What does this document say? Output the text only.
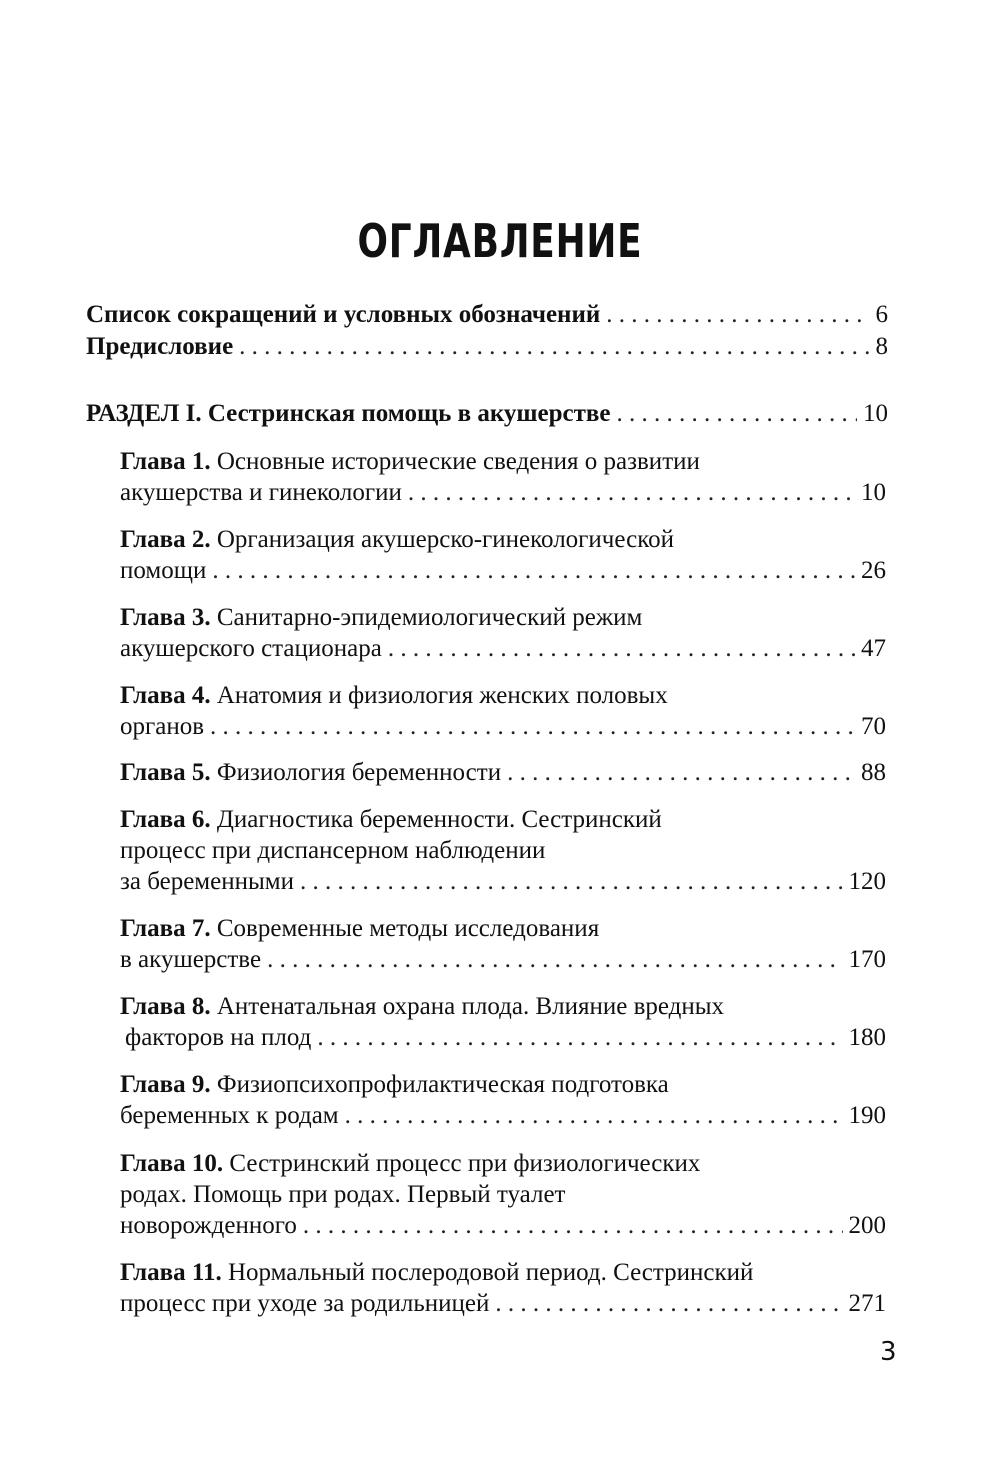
ОГЛАВЛЕНИЕ
Список сокращений и условных обозначений . . .	6
Предисловие . . .	8
РАЗДЕЛ I. Сестринская помощь в акушерстве . . .	10
Глава 1. Основные исторические сведения о развитии
акушерства и гинекологии . . .	10
Глава 2. Организация акушерско-гинекологической
помощи . . .	26
Глава 3. Санитарно-эпидемиологический режим
акушерского стационара . . .	47
Глава 4. Анатомия и физиология женских половых
органов . . .	70
Глава 5. Физиология беременности . . .	88
Глава 6. Диагностика беременности. Сестринский
процесс при диспансерном наблюдении
за беременными . . .	120
Глава 7. Современные методы исследования
в акушерстве . . .	170
Глава 8. Антенатальная охрана плода. Влияние вредных
факторов на плод . . .	180
Глава 9. Физиопсихопрофилактическая подготовка
беременных к родам . . .	190
Глава 10. Сестринский процесс при физиологических
родах. Помощь при родах. Первый туалет
новорожденного . . .	200
Глава 11. Нормальный послеродовой период. Сестринский
процесс при уходе за родильницей . . .	271
3
